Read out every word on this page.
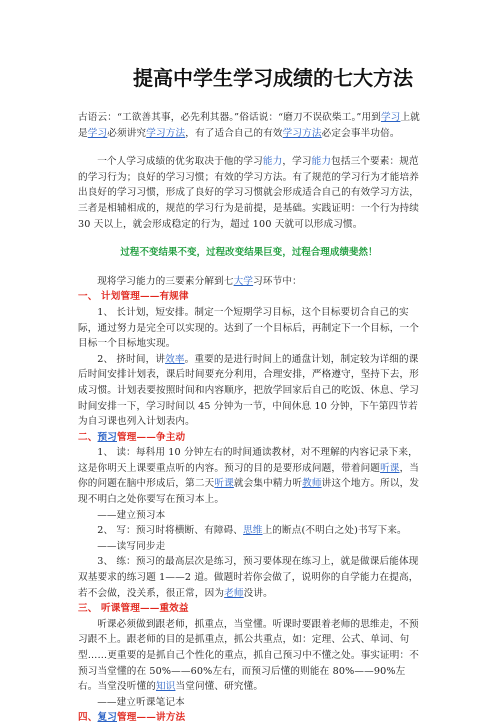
提高中学生学习成绩的七大方法

古语云：“工欲善其事，必先利其器。”俗话说：“磨刀不误砍柴工。”用到学习上就是学习必须讲究学习方法，有了适合自己的有效学习方法必定会事半功倍。

一个人学习成绩的优劣取决于他的学习能力，学习能力包括三个要素：规范的学习行为；良好的学习习惯；有效的学习方法。有了规范的学习行为才能培养出良好的学习习惯，形成了良好的学习习惯就会形成适合自己的有效学习方法，三者是相辅相成的，规范的学习行为是前提，是基础。实践证明：一个行为持续 30 天以上，就会形成稳定的行为，超过 100 天就可以形成习惯。

过程不变结果不变，过程改变结果巨变，过程合理成绩斐然！

现将学习能力的三要素分解到七大学习环节中：

一、 计划管理——有规律

1、 长计划，短安排。制定一个短期学习目标，这个目标要切合自己的实际，通过努力是完全可以实现的。达到了一个目标后，再制定下一个目标，一个目标一个目标地实现。

2、 挤时间，讲效率。重要的是进行时间上的通盘计划，制定较为详细的课后时间安排计划表，课后时间要充分利用，合理安排，严格遵守，坚持下去，形成习惯。计划表要按照时间和内容顺序，把放学回家后自己的吃饭、休息、学习时间安排一下，学习时间以 45 分钟为一节，中间休息 10 分钟，下午第四节若为自习课也列入计划表内。

二、预习管理——争主动

1、 读：每科用 10 分钟左右的时间通读教材，对不理解的内容记录下来，这是你明天上课要重点听的内容。预习的目的是要形成问题，带着问题听课，当你的问题在脑中形成后，第二天听课就会集中精力听教师讲这个地方。所以，发现不明白之处你要写在预习本上。

——建立预习本

2、 写：预习时将横断、有障碍、思维上的断点(不明白之处)书写下来。

——读写同步走

3、 练：预习的最高层次是练习，预习要体现在练习上，就是做课后能体现双基要求的练习题 1——2 道。做题时若你会做了，说明你的自学能力在提高，若不会做，没关系，很正常，因为老师没讲。

三、 听课管理——重效益

听课必须做到跟老师，抓重点，当堂懂。听课时要跟着老师的思维走，不预习跟不上。跟老师的目的是抓重点，抓公共重点，如：定理、公式、单词、句型……更重要的是抓自己个性化的重点，抓自己预习中不懂之处。事实证明：不预习当堂懂的在 50%——60%左右，而预习后懂的则能在 80%——90%左右。当堂没听懂的知识当堂问懂、研究懂。

——建立听课笔记本

四、复习管理——讲方法
